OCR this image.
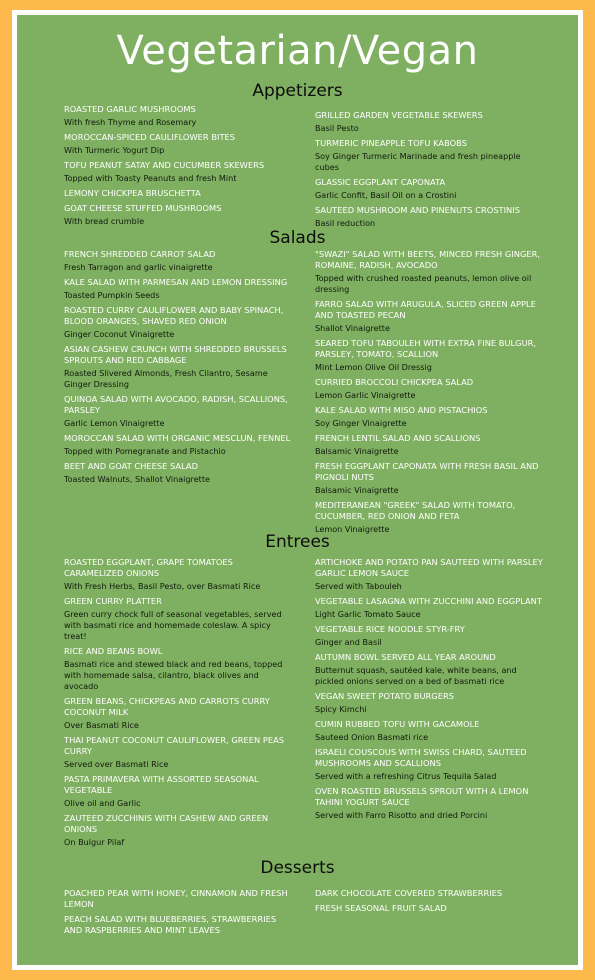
Vegetarian/Vegan
Appetizers
ROASTED GARLIC MUSHROOMS
With fresh Thyme and Rosemary
MOROCCAN-SPICED CAULIFLOWER BITES
With Turmeric Yogurt Dip
TOFU PEANUT SATAY AND CUCUMBER SKEWERS
Topped with Toasty Peanuts and fresh Mint
LEMONY CHICKPEA BRUSCHETTA
GOAT CHEESE STUFFED MUSHROOMS
With bread crumble
GRILLED GARDEN VEGETABLE SKEWERS
Basil Pesto
TURMERIC PINEAPPLE TOFU KABOBS
Soy Ginger Turmeric Marinade and fresh pineapple cubes
GLASSIC EGGPLANT CAPONATA
Garlic Confit, Basil Oil on a Crostini
SAUTEED MUSHROOM AND PINENUTS CROSTINIS
Basil reduction
Salads
FRENCH SHREDDED CARROT SALAD
Fresh Tarragon and garlic vinaigrette
KALE SALAD WITH PARMESAN AND LEMON DRESSING
Toasted Pumpkin Seeds
ROASTED CURRY CAULIFLOWER AND BABY SPINACH, BLOOD ORANGES, SHAVED RED ONION
Ginger Coconut Vinaigrette
ASIAN CASHEW CRUNCH WITH SHREDDED BRUSSELS SPROUTS AND RED CABBAGE
Roasted Slivered Almonds, Fresh Cilantro, Sesame Ginger Dressing
QUINOA SALAD WITH AVOCADO, RADISH, SCALLIONS, PARSLEY
Garlic Lemon Vinaigrette
MOROCCAN SALAD WITH ORGANIC MESCLUN, FENNEL
Topped with Pomegranate and Pistachio
BEET AND GOAT CHEESE SALAD
Toasted Walnuts, Shallot Vinaigrette
"SWAZI" SALAD WITH BEETS, MINCED FRESH GINGER, ROMAINE, RADISH, AVOCADO
Topped with crushed roasted peanuts, lemon olive oil dressing
FARRO SALAD WITH ARUGULA, SLICED GREEN APPLE AND TOASTED PECAN
Shallot Vinaigrette
SEARED TOFU TABOULEH WITH EXTRA FINE BULGUR, PARSLEY, TOMATO, SCALLION
Mint Lemon Olive Oil Dressig
CURRIED BROCCOLI CHICKPEA SALAD
Lemon Garlic Vinaigrette
KALE SALAD WITH MISO AND PISTACHIOS
Soy Ginger Vinaigrette
FRENCH LENTIL SALAD AND SCALLIONS
Balsamic Vinaigrette
FRESH EGGPLANT CAPONATA WITH FRESH BASIL AND PIGNOLI NUTS
Balsamic Vinaigrette
MEDITERANEAN "GREEK" SALAD WITH TOMATO, CUCUMBER, RED ONION AND FETA
Lemon Vinaigrette
Entrees
ROASTED EGGPLANT, GRAPE TOMATOES CARAMELIZED ONIONS
With Fresh Herbs, Basil Pesto, over Basmati Rice
GREEN CURRY PLATTER
Green curry chock full of seasonal vegetables, served with basmati rice and homemade coleslaw. A spicy treat!
RICE AND BEANS BOWL
Basmati rice and stewed black and red beans, topped with homemade salsa, cilantro, black olives and avocado
GREEN BEANS, CHICKPEAS AND CARROTS CURRY COCONUT MILK
Over Basmati Rice
THAI PEANUT COCONUT CAULIFLOWER, GREEN PEAS CURRY
Served over Basmati Rice
PASTA PRIMAVERA WITH ASSORTED SEASONAL VEGETABLE
Olive oil and Garlic
ZAUTEED ZUCCHINIS WITH CASHEW AND GREEN ONIONS
On Bulgur Pilaf
ARTICHOKE AND POTATO PAN SAUTEED WITH PARSLEY GARLIC LEMON SAUCE
Served with Tabouleh
VEGETABLE LASAGNA WITH ZUCCHINI AND EGGPLANT
Light Garlic Tomato Sauce
VEGETABLE RICE NOODLE STYR-FRY
Ginger and Basil
AUTUMN BOWL SERVED ALL YEAR AROUND
Butternut squash, sautéed kale, white beans, and pickled onions served on a bed of basmati rice
VEGAN SWEET POTATO BURGERS
Spicy Kimchi
CUMIN RUBBED TOFU WITH GACAMOLE
Sauteed Onion Basmati rice
ISRAELI COUSCOUS WITH SWISS CHARD, SAUTEED MUSHROOMS AND SCALLIONS
Served with a refreshing Citrus Tequila Salad
OVEN ROASTED BRUSSELS SPROUT WITH A LEMON TAHINI YOGURT SAUCE
Served with Farro Risotto and dried Porcini
Desserts
POACHED PEAR WITH HONEY, CINNAMON AND FRESH LEMON
PEACH SALAD WITH BLUEBERRIES, STRAWBERRIES AND RASPBERRIES AND MINT LEAVES
DARK CHOCOLATE COVERED STRAWBERRIES
FRESH SEASONAL FRUIT SALAD
